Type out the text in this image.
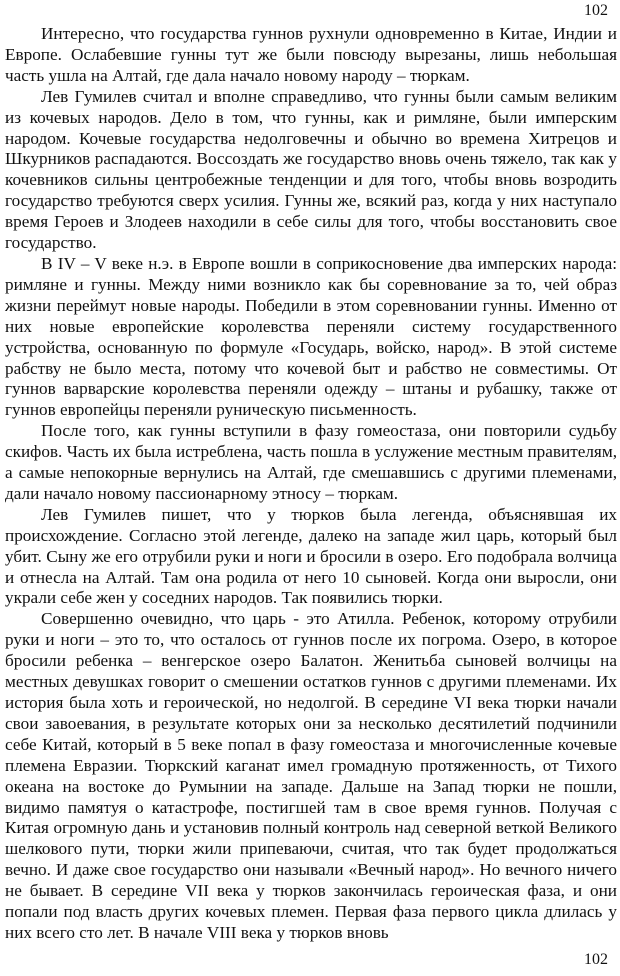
102

Интересно, что государства гуннов рухнули одновременно в Китае, Индии и Европе. Ослабевшие гунны тут же были повсюду вырезаны, лишь небольшая часть ушла на Алтай, где дала начало новому народу – тюркам.

Лев Гумилев считал и вполне справедливо, что гунны были самым великим из кочевых народов. Дело в том, что гунны, как и римляне, были имперским народом. Кочевые государства недолговечны и обычно во времена Хитрецов и Шкурников распадаются. Воссоздать же государство вновь очень тяжело, так как у кочевников сильны центробежные тенденции и для того, чтобы вновь возродить государство требуются сверх усилия. Гунны же, всякий раз, когда у них наступало время Героев и Злодеев находили в себе силы для того, чтобы восстановить свое государство.

В IV – V веке н.э. в Европе вошли в соприкосновение два имперских народа: римляне и гунны. Между ними возникло как бы соревнование за то, чей образ жизни переймут новые народы. Победили в этом соревновании гунны. Именно от них новые европейские королевства переняли систему государственного устройства, основанную по формуле «Государь, войско, народ». В этой системе рабству не было места, потому что кочевой быт и рабство не совместимы. От гуннов варварские королевства переняли одежду – штаны и рубашку, также от гуннов европейцы переняли руническую письменность.

После того, как гунны вступили в фазу гомеостаза, они повторили судьбу скифов. Часть их была истреблена, часть пошла в услужение местным правителям, а самые непокорные вернулись на Алтай, где смешавшись с другими племенами, дали начало новому пассионарному этносу – тюркам.

Лев Гумилев пишет, что у тюрков была легенда, объяснявшая их происхождение. Согласно этой легенде, далеко на западе жил царь, который был убит. Сыну же его отрубили руки и ноги и бросили в озеро. Его подобрала волчица и отнесла на Алтай. Там она родила от него 10 сыновей. Когда они выросли, они украли себе жен у соседних народов. Так появились тюрки.

Совершенно очевидно, что царь - это Атилла. Ребенок, которому отрубили руки и ноги – это то, что осталось от гуннов после их погрома. Озеро, в которое бросили ребенка – венгерское озеро Балатон. Женитьба сыновей волчицы на местных девушках говорит о смешении остатков гуннов с другими племенами. Их история была хоть и героической, но недолгой. В середине VI века тюрки начали свои завоевания, в результате которых они за несколько десятилетий подчинили себе Китай, который в 5 веке попал в фазу гомеостаза и многочисленные кочевые племена Евразии. Тюркский каганат имел громадную протяженность, от Тихого океана на востоке до Румынии на западе. Дальше на Запад тюрки не пошли, видимо памятуя о катастрофе, постигшей там в свое время гуннов. Получая с Китая огромную дань и установив полный контроль над северной веткой Великого шелкового пути, тюрки жили припеваючи, считая, что так будет продолжаться вечно. И даже свое государство они называли «Вечный народ». Но вечного ничего не бывает. В середине VII века у тюрков закончилась героическая фаза, и они попали под власть других кочевых племен. Первая фаза первого цикла длилась у них всего сто лет. В начале VIII века у тюрков вновь

102
